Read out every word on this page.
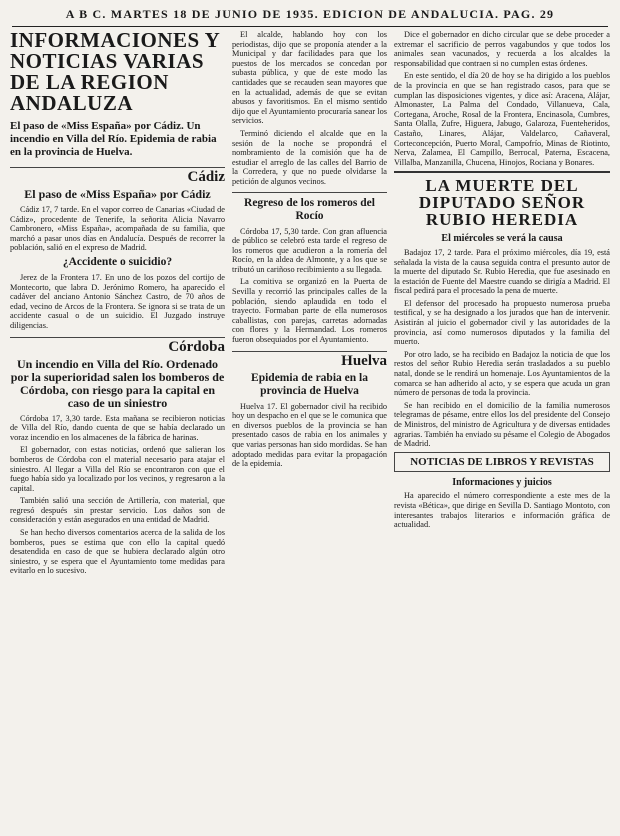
A B C. MARTES 18 DE JUNIO DE 1935. EDICION DE ANDALUCIA. PAG. 29
INFORMACIONES Y NOTICIAS VARIAS DE LA REGION ANDALUZA
El paso de «Miss España» por Cádiz. Un incendio en Villa del Río. Epidemia de rabia en la provincia de Huelva.
Cádiz
El paso de «Miss España» por Cádiz

Cádiz 17, 7 tarde. En el vapor correo de Canarias «Ciudad de Cádiz», procedente de Tenerife, la señorita Alicia Navarro Cambronero, «Miss España», acompañada de su familia, que marchó a pasar unos días en Andalucía. Después de recorrer la población, salió en el expreso de Madrid.

¿Accidente o suicidio?

Jerez de la Frontera 17. En uno de los pozos del cortijo de Montecorto, que labra D. Jerónimo Romero, ha aparecido el cadáver del anciano Antonio Sánchez Castro, de 70 años de edad, vecino de Arcos de la Frontera. Se ignora si se trata de un accidente casual o de un suicidio. El Juzgado instruye diligencias.

Córdoba
Un incendio en Villa del Río. Ordenado por la superioridad salen los bomberos de Córdoba, con riesgo para la capital en caso de un siniestro

Córdoba 17, 3,30 tarde. Esta mañana se recibieron noticias de Villa del Río, dando cuenta de que se había declarado un voraz incendio en los almacenes de la fábrica de harinas.

El gobernador, con estas noticias, ordenó que salieran los bomberos de Córdoba con el material necesario para atajar el siniestro. Al llegar a Villa del Río se encontraron con que el fuego había sido ya localizado por los vecinos, y regresaron a la capital.

También salió una sección de Artillería, con material, que regresó después sin prestar servicio. Los daños son de consideración y están asegurados en una entidad de Madrid.

Se han hecho diversos comentarios acerca de la salida de los bomberos, pues se estima que con ello la capital quedó desatendida en caso de que se hubiera declarado algún otro siniestro, y se espera que el Ayuntamiento tome medidas para evitarlo en lo sucesivo.

El alcalde, hablando hoy con los periodistas, dijo que se proponía atender a la Municipal y dar facilidades para que los puestos de los mercados se concedan por subasta pública, y que de este modo las cantidades que se recauden sean mayores que en la actualidad, además de que se evitan abusos y favoritismos. En el mismo sentido dijo que el Ayuntamiento procuraría sanear los servicios.

Terminó diciendo el alcalde que en la sesión de la noche se propondrá el nombramiento de la comisión que ha de estudiar el arreglo de las calles del Barrio de la Corredera, y que no puede olvidarse la petición de algunos vecinos.

Regreso de los romeros del Rocío

Córdoba 17, 5,30 tarde. Con gran afluencia de público se celebró esta tarde el regreso de los romeros que acudieron a la romería del Rocío, en la aldea de Almonte, y a los que se tributó un cariñoso recibimiento a su llegada.

La comitiva se organizó en la Puerta de Sevilla y recorrió las principales calles de la población, siendo aplaudida en todo el trayecto. Formaban parte de ella numerosos caballistas, con parejas, carretas adornadas con flores y la Hermandad. Los romeros fueron obsequiados por el Ayuntamiento.

Huelva
Epidemia de rabia en la provincia de Huelva

Huelva 17. El gobernador civil ha recibido hoy un despacho en el que se le comunica que en diversos pueblos de la provincia se han presentado casos de rabia en los animales y que varias personas han sido mordidas. Se han adoptado medidas para evitar la propagación de la epidemia.

Dice el gobernador en dicho circular que se debe proceder a extremar el sacrificio de perros vagabundos y que todos los animales sean vacunados, y recuerda a los alcaldes la responsabilidad que contraen si no cumplen estas órdenes.

En este sentido, el día 20 de hoy se ha dirigido a los pueblos de la provincia en que se han registrado casos, para que se cumplan las disposiciones vigentes, y dice así: Aracena, Alájar, Almonaster, La Palma del Condado, Villanueva, Cala, Cortegana, Aroche, Rosal de la Frontera, Encinasola, Cumbres, Santa Olalla, Zufre, Higuera, Jabugo, Galaroza, Fuenteheridos, Castaño, Linares, Alájar, Valdelarco, Cañaveral, Corteconcepción, Puerto Moral, Campofrío, Minas de Riotinto, Nerva, Zalamea, El Campillo, Berrocal, Paterna, Escacena, Villalba, Manzanilla, Chucena, Hinojos, Rociana y Bonares.

LA MUERTE DEL DIPUTADO SEÑOR RUBIO HEREDIA
El miércoles se verá la causa

Badajoz 17, 2 tarde. Para el próximo miércoles, día 19, está señalada la vista de la causa seguida contra el presunto autor de la muerte del diputado Sr. Rubio Heredia, que fue asesinado en la estación de Fuente del Maestre cuando se dirigía a Madrid. El fiscal pedirá para el procesado la pena de muerte.

El defensor del procesado ha propuesto numerosa prueba testifical, y se ha designado a los jurados que han de intervenir. Asistirán al juicio el gobernador civil y las autoridades de la provincia, así como numerosos diputados y la familia del muerto.

Por otro lado, se ha recibido en Badajoz la noticia de que los restos del señor Rubio Heredia serán trasladados a su pueblo natal, donde se le rendirá un homenaje. Los Ayuntamientos de la comarca se han adherido al acto, y se espera que acuda un gran número de personas de toda la provincia.

Se han recibido en el domicilio de la familia numerosos telegramas de pésame, entre ellos los del presidente del Consejo de Ministros, del ministro de Agricultura y de diversas entidades agrarias. También ha enviado su pésame el Colegio de Abogados de Madrid.

NOTICIAS DE LIBROS Y REVISTAS
Informaciones y juicios

Ha aparecido el número correspondiente a este mes de la revista «Bética», que dirige en Sevilla D. Santiago Montoto, con interesantes trabajos literarios e información gráfica de actualidad.
